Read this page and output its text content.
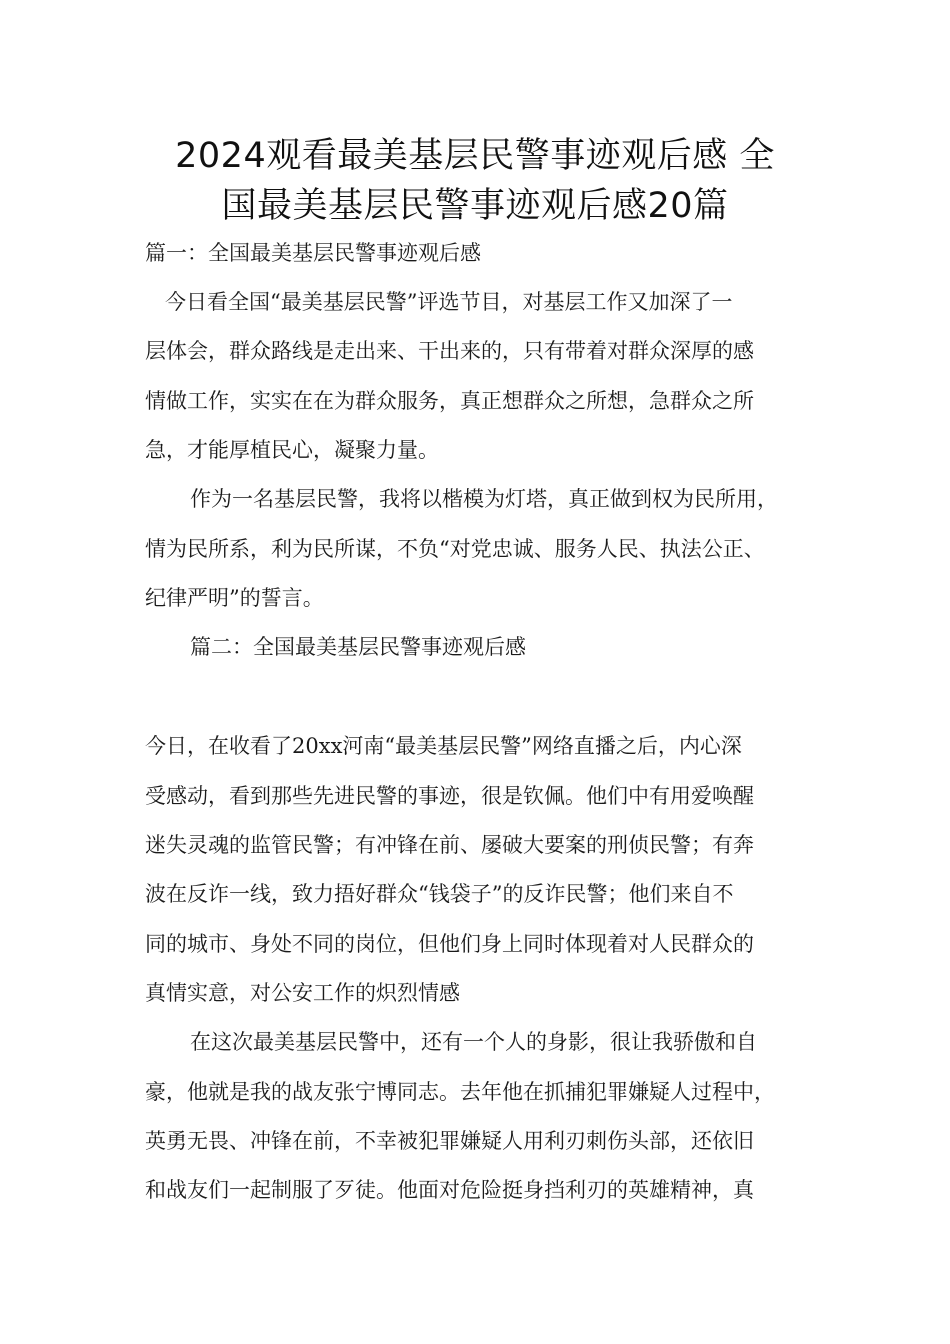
2024观看最美基层民警事迹观后感 全
国最美基层民警事迹观后感20篇
篇一：全国最美基层民警事迹观后感
今日看全国“最美基层民警”评选节目，对基层工作又加深了一
层体会，群众路线是走出来、干出来的，只有带着对群众深厚的感
情做工作，实实在在为群众服务，真正想群众之所想，急群众之所
急，才能厚植民心，凝聚力量。
作为一名基层民警，我将以楷模为灯塔，真正做到权为民所用，
情为民所系，利为民所谋，不负“对党忠诚、服务人民、执法公正、
纪律严明”的誓言。
篇二：全国最美基层民警事迹观后感
今日，在收看了20xx河南“最美基层民警”网络直播之后，内心深
受感动，看到那些先进民警的事迹，很是钦佩。他们中有用爱唤醒
迷失灵魂的监管民警；有冲锋在前、屡破大要案的刑侦民警；有奔
波在反诈一线，致力捂好群众“钱袋子”的反诈民警；他们来自不
同的城市、身处不同的岗位，但他们身上同时体现着对人民群众的
真情实意，对公安工作的炽烈情感
在这次最美基层民警中，还有一个人的身影，很让我骄傲和自
豪，他就是我的战友张宁博同志。去年他在抓捕犯罪嫌疑人过程中，
英勇无畏、冲锋在前，不幸被犯罪嫌疑人用利刃刺伤头部，还依旧
和战友们一起制服了歹徒。他面对危险挺身挡利刃的英雄精神，真
